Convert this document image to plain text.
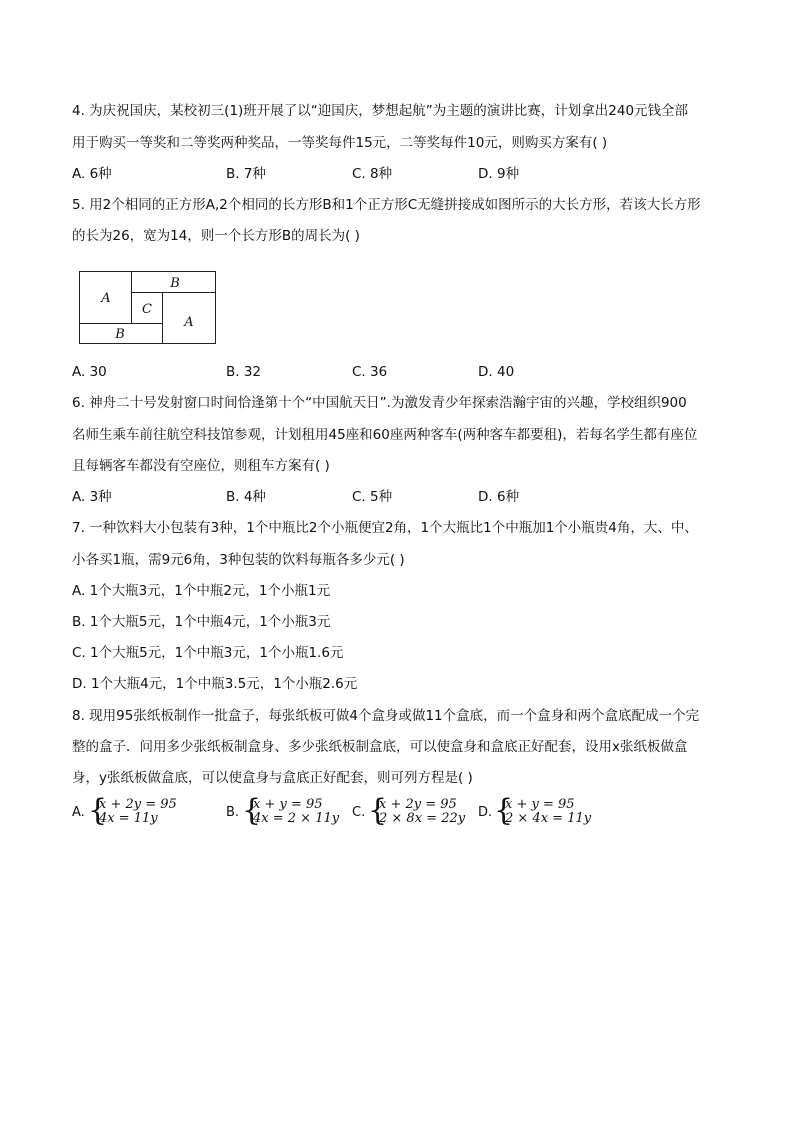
4. 为庆祝国庆，某校初三(1)班开展了以“迎国庆，梦想起航”为主题的演讲比赛，计划拿出240元钱全部
用于购买一等奖和二等奖两种奖品，一等奖每件15元，二等奖每件10元，则购买方案有( )
A. 6种	B. 7种	C. 8种	D. 9种
5. 用2个相同的正方形A,2个相同的长方形B和1个正方形C无缝拼接成如图所示的大长方形，若该大长方形
的长为26，宽为14，则一个长方形B的周长为( )
A
B
C
A
B
A. 30	B. 32	C. 36	D. 40
6. 神舟二十号发射窗口时间恰逢第十个“中国航天日”.为激发青少年探索浩瀚宇宙的兴趣，学校组织900
名师生乘车前往航空科技馆参观，计划租用45座和60座两种客车(两种客车都要租)，若每名学生都有座位
且每辆客车都没有空座位，则租车方案有( )
A. 3种	B. 4种	C. 5种	D. 6种
7. 一种饮料大小包装有3种，1个中瓶比2个小瓶便宜2角，1个大瓶比1个中瓶加1个小瓶贵4角，大、中、
小各买1瓶，需9元6角，3种包装的饮料每瓶各多少元( )
A. 1个大瓶3元，1个中瓶2元，1个小瓶1元
B. 1个大瓶5元，1个中瓶4元，1个小瓶3元
C. 1个大瓶5元，1个中瓶3元，1个小瓶1.6元
D. 1个大瓶4元，1个中瓶3.5元，1个小瓶2.6元
8. 现用95张纸板制作一批盒子，每张纸板可做4个盒身或做11个盒底，而一个盒身和两个盒底配成一个完
整的盒子．问用多少张纸板制盒身、多少张纸板制盒底，可以使盒身和盒底正好配套，设用x张纸板做盒
身，y张纸板做盒底，可以使盒身与盒底正好配套，则可列方程是( )
A. {
x + 2y = 95
4x = 11y	B. {
x + y = 95
4x = 2 × 11y C. {
x + 2y = 95
2 × 8x = 22y D. {
x + y = 95
2 × 4x = 11y
